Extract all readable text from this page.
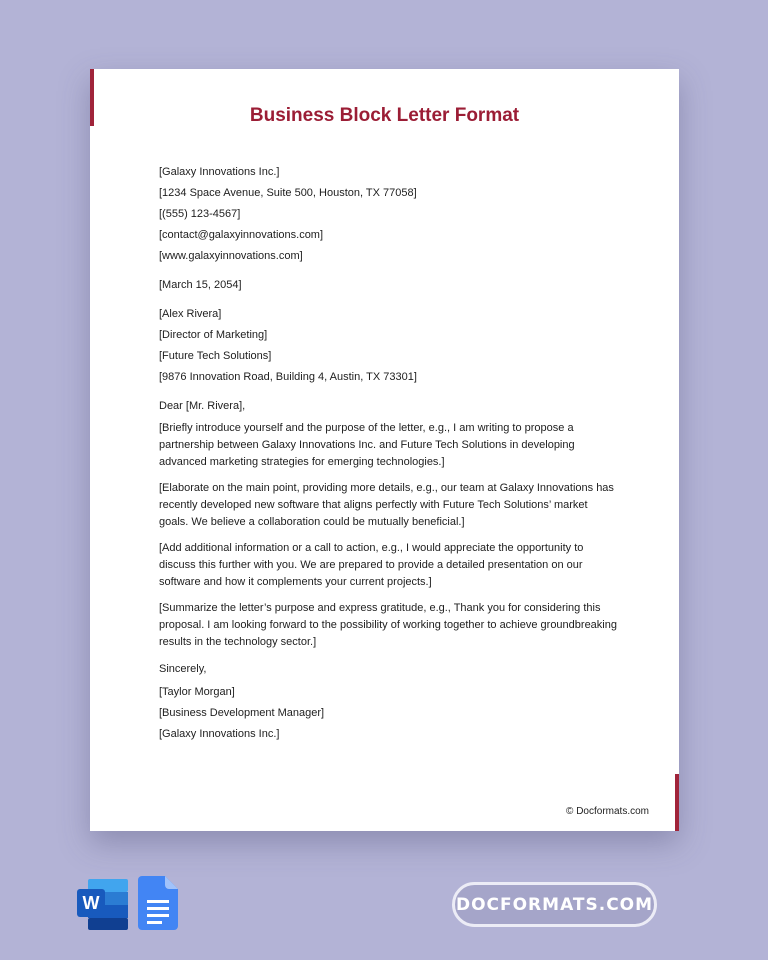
Business Block Letter Format
[Galaxy Innovations Inc.]
[1234 Space Avenue, Suite 500, Houston, TX 77058]
[(555) 123-4567]
[contact@galaxyinnovations.com]
[www.galaxyinnovations.com]
[March 15, 2054]
[Alex Rivera]
[Director of Marketing]
[Future Tech Solutions]
[9876 Innovation Road, Building 4, Austin, TX 73301]
Dear [Mr. Rivera],

[Briefly introduce yourself and the purpose of the letter, e.g., I am writing to propose a partnership between Galaxy Innovations Inc. and Future Tech Solutions in developing advanced marketing strategies for emerging technologies.]

[Elaborate on the main point, providing more details, e.g., our team at Galaxy Innovations has recently developed new software that aligns perfectly with Future Tech Solutions’ market goals. We believe a collaboration could be mutually beneficial.]

[Add additional information or a call to action, e.g., I would appreciate the opportunity to discuss this further with you. We are prepared to provide a detailed presentation on our software and how it complements your current projects.]

[Summarize the letter’s purpose and express gratitude, e.g., Thank you for considering this proposal. I am looking forward to the possibility of working together to achieve groundbreaking results in the technology sector.]

Sincerely,
[Taylor Morgan]
[Business Development Manager]
[Galaxy Innovations Inc.]
© Docformats.com
W	DOCFORMATS.COM
